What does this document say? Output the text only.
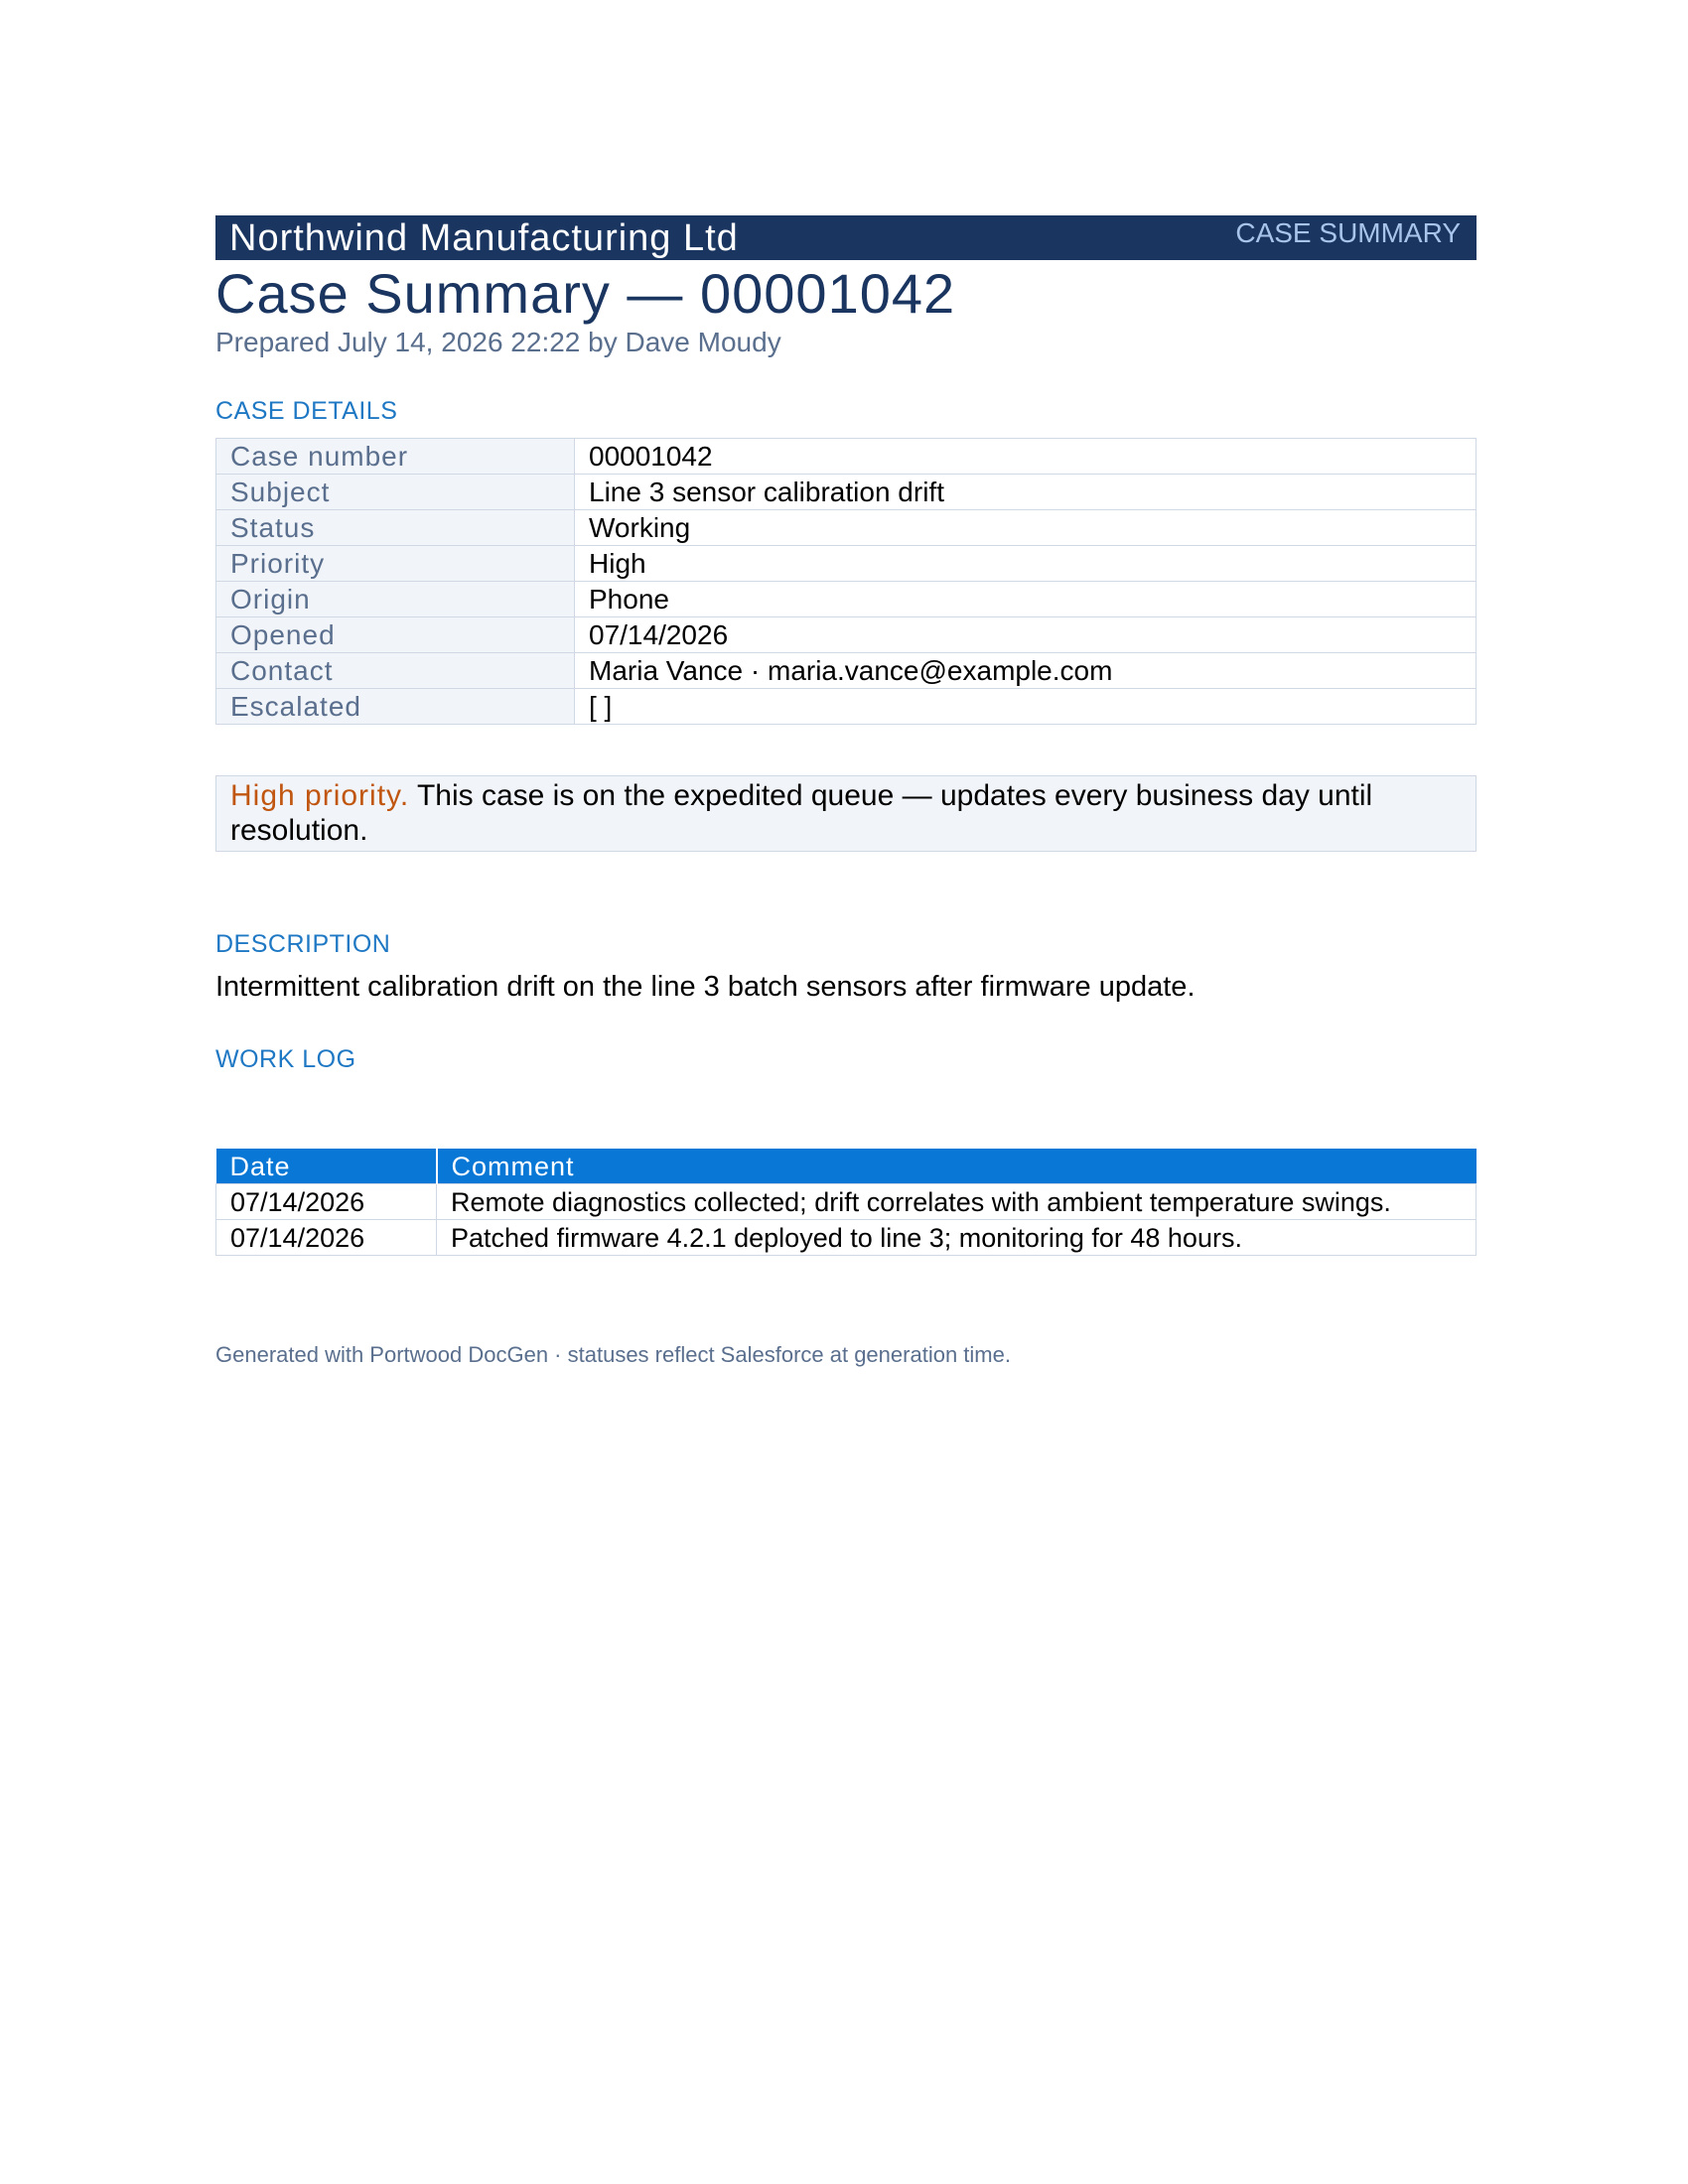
Northwind Manufacturing Ltd	CASE SUMMARY
Case Summary — 00001042
Prepared July 14, 2026 22:22 by Dave Moudy
CASE DETAILS
Case number	00001042
Subject	Line 3 sensor calibration drift
Status	Working
Priority	High
Origin	Phone
Opened	07/14/2026
Contact	Maria Vance · maria.vance@example.com
Escalated	[ ]
High priority. This case is on the expedited queue — updates every business day until resolution.
DESCRIPTION
Intermittent calibration drift on the line 3 batch sensors after firmware update.
WORK LOG
Date	Comment
07/14/2026	Remote diagnostics collected; drift correlates with ambient temperature swings.
07/14/2026	Patched firmware 4.2.1 deployed to line 3; monitoring for 48 hours.
Generated with Portwood DocGen · statuses reflect Salesforce at generation time.
